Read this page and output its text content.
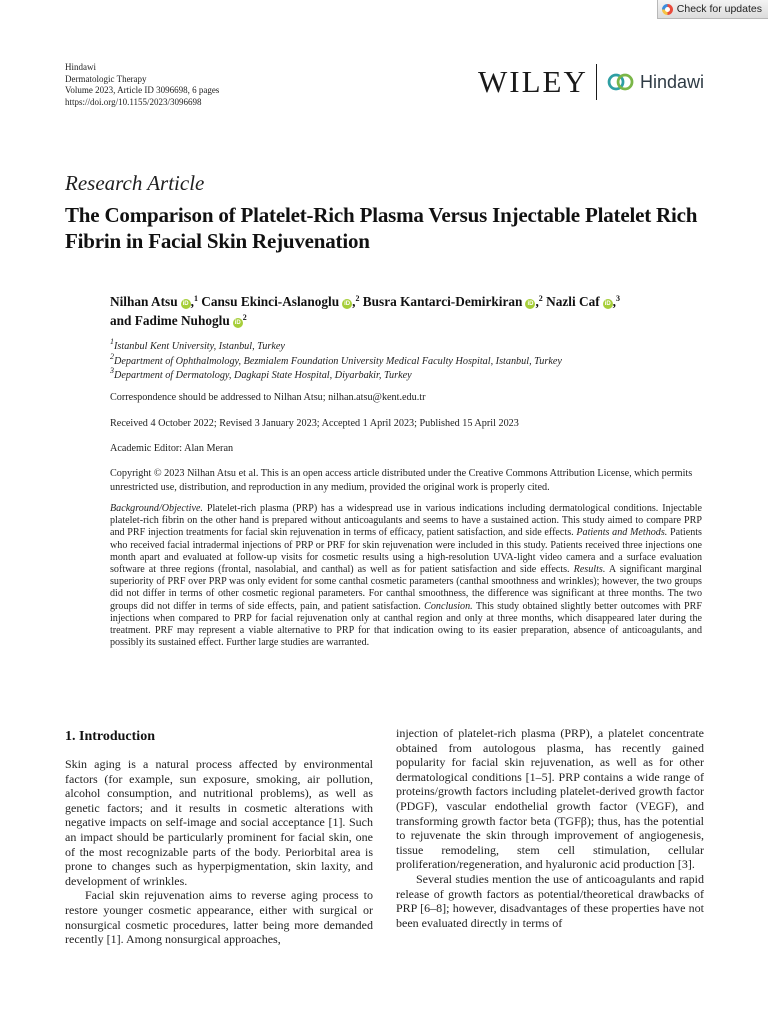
Check for updates
Hindawi
Dermatologic Therapy
Volume 2023, Article ID 3096698, 6 pages
https://doi.org/10.1155/2023/3096698
WILEY	Hindawi
Research Article
The Comparison of Platelet-Rich Plasma Versus Injectable Platelet Rich Fibrin in Facial Skin Rejuvenation
Nilhan Atsu iD ,$^1$ Cansu Ekinci-Aslanoglu iD ,$^2$ Busra Kantarci-Demirkiran iD ,$^2$ Nazli Caf iD ,$^3$
and Fadime Nuhoglu $iD^2$
$^1$Istanbul Kent University, Istanbul, Turkey
$^2$Department of Ophthalmology, Bezmialem Foundation University Medical Faculty Hospital, Istanbul, Turkey
$^3$Department of Dermatology, Dagkapi State Hospital, Diyarbakir, Turkey
Correspondence should be addressed to Nilhan Atsu; nilhan.atsu@kent.edu.tr
Received 4 October 2022; Revised 3 January 2023; Accepted 1 April 2023; Published 15 April 2023
Academic Editor: Alan Meran
Copyright © 2023 Nilhan Atsu et al. This is an open access article distributed under the Creative Commons Attribution License, which permits unrestricted use, distribution, and reproduction in any medium, provided the original work is properly cited.
Background/Objective. Platelet-rich plasma (PRP) has a widespread use in various indications including dermatological conditions. Injectable platelet-rich fibrin on the other hand is prepared without anticoagulants and seems to have a sustained action. This study aimed to compare PRP and PRF injection treatments for facial skin rejuvenation in terms of efficacy, patient satisfaction, and side effects. Patients and Methods. Patients who received facial intradermal injections of PRP or PRF for skin rejuvenation were included in this study. Patients received three injections one month apart and evaluated at follow-up visits for cosmetic results using a high-resolution UVA-light video camera and a surface evaluation software at three regions (frontal, nasolabial, and canthal) as well as for patient satisfaction and side effects. Results. A significant marginal superiority of PRF over PRP was only evident for some canthal cosmetic parameters (canthal smoothness and wrinkles); however, the two groups did not differ in terms of other cosmetic regional parameters. For canthal smoothness, the difference was significant at three months. The two groups did not differ in terms of side effects, pain, and patient satisfaction. Conclusion. This study obtained slightly better outcomes with PRF injections when compared to PRP for facial rejuvenation only at canthal region and only at three months, which disappeared later during the treatment. PRF may represent a viable alternative to PRP for that indication owing to its easier preparation, absence of anticoagulants, and possibly its sustained effect. Further large studies are warranted.
1. Introduction

Skin aging is a natural process affected by environmental factors (for example, sun exposure, smoking, air pollution, alcohol consumption, and nutritional problems), as well as genetic factors; and it results in cosmetic alterations with negative impacts on self-image and social acceptance [1]. Such an impact should be particularly prominent for facial skin, one of the most recognizable parts of the body. Periorbital area is prone to changes such as hyperpigmentation, skin laxity, and development of wrinkles.

Facial skin rejuvenation aims to reverse aging process to restore younger cosmetic appearance, either with surgical or nonsurgical cosmetic procedures, latter being more demanded recently [1]. Among nonsurgical approaches,

injection of platelet-rich plasma (PRP), a platelet concentrate obtained from autologous plasma, has recently gained popularity for facial skin rejuvenation, as well as for other dermatological conditions [1–5]. PRP contains a wide range of proteins/growth factors including platelet-derived growth factor (PDGF), vascular endothelial growth factor (VEGF), and transforming growth factor beta (TGFβ); thus, has the potential to rejuvenate the skin through improvement of angiogenesis, tissue remodeling, stem cell stimulation, cellular proliferation/regeneration, and hyaluronic acid production [3].

Several studies mention the use of anticoagulants and rapid release of growth factors as potential/theoretical drawbacks of PRP [6–8]; however, disadvantages of these properties have not been evaluated directly in terms of
